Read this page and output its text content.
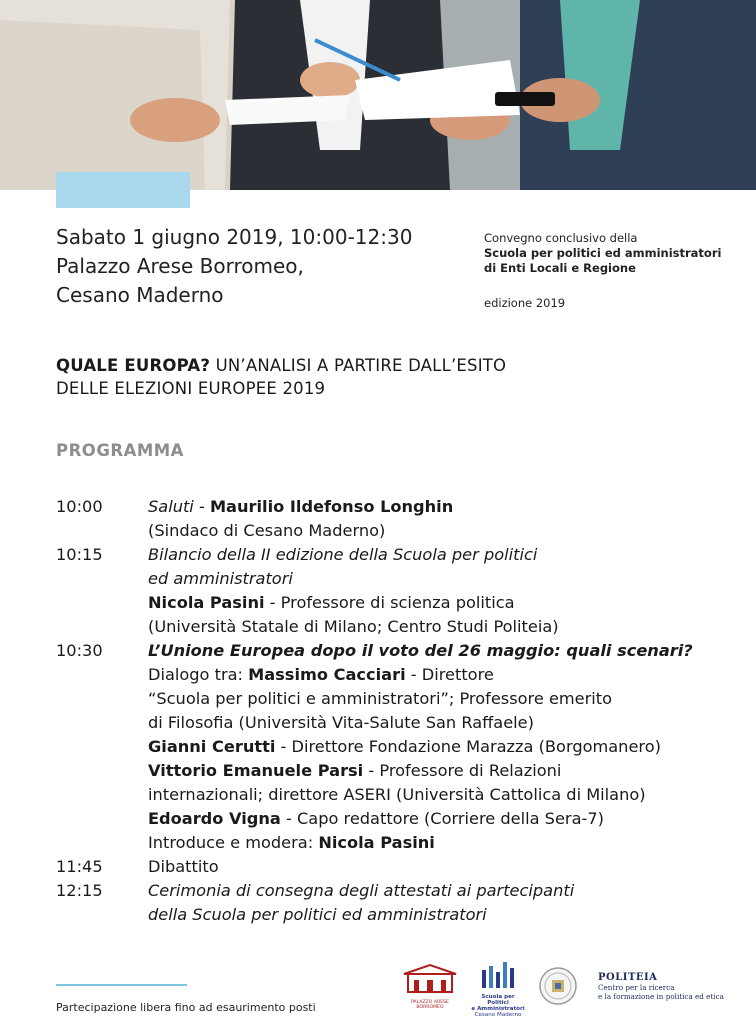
Sabato 1 giugno 2019, 10:00-12:30
Palazzo Arese Borromeo,
Cesano Maderno
Convegno conclusivo della
Scuola per politici ed amministratori
di Enti Locali e Regione
edizione 2019
QUALE EUROPA? UN’ANALISI A PARTIRE DALL’ESITO
DELLE ELEZIONI EUROPEE 2019
PROGRAMMA
10:00	Saluti - Maurilio Ildefonso Longhin
(Sindaco di Cesano Maderno)
10:15	Bilancio della II edizione della Scuola per politici
ed amministratori
Nicola Pasini - Professore di scienza politica
(Università Statale di Milano; Centro Studi Politeia)
10:30	L’Unione Europea dopo il voto del 26 maggio: quali scenari?
Dialogo tra: Massimo Cacciari - Direttore
“Scuola per politici e amministratori”; Professore emerito
di Filosofia (Università Vita-Salute San Raffaele)
Gianni Cerutti - Direttore Fondazione Marazza (Borgomanero)
Vittorio Emanuele Parsi - Professore di Relazioni
internazionali; direttore ASERI (Università Cattolica di Milano)
Edoardo Vigna - Capo redattore (Corriere della Sera-7)
Introduce e modera: Nicola Pasini
11:45	Dibattito
12:15	Cerimonia di consegna degli attestati ai partecipanti
della Scuola per politici ed amministratori
Partecipazione libera fino ad esaurimento posti	PALAZZO ARESE BORROMEO
Scuola per Politici
e Amministratori
Cesano Maderno
POLITEIA
Centro per la ricerca
e la formazione in politica ed etica
